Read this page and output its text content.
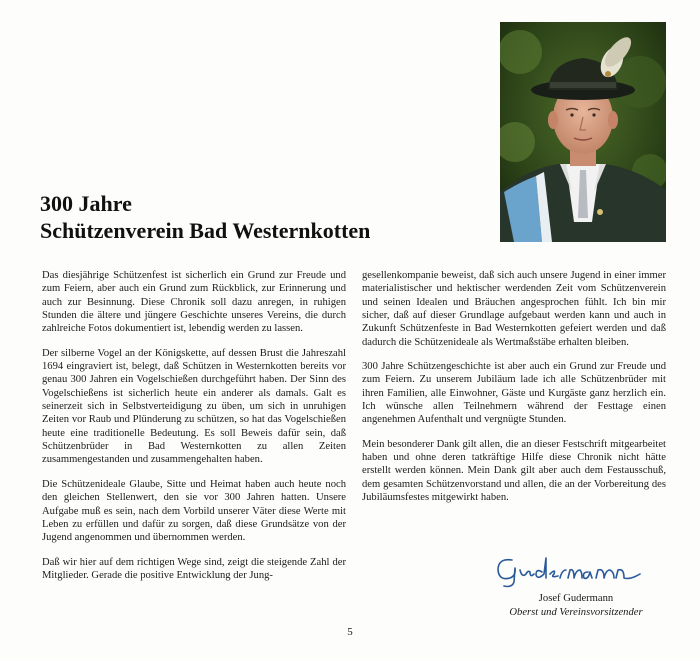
300 Jahre
Schützenverein Bad Westernkotten

Das diesjährige Schützenfest ist sicherlich ein Grund zur Freude und zum Feiern, aber auch ein Grund zum Rückblick, zur Erinnerung und auch zur Besinnung. Diese Chronik soll dazu anregen, in ruhigen Stunden die ältere und jüngere Geschichte unseres Vereins, die durch zahlreiche Fotos dokumentiert ist, lebendig werden zu lassen.

Der silberne Vogel an der Königskette, auf dessen Brust die Jahreszahl 1694 eingraviert ist, belegt, daß Schützen in Westernkotten bereits vor genau 300 Jahren ein Vogelschießen durchgeführt haben. Der Sinn des Vogelschießens ist sicherlich heute ein anderer als damals. Galt es seinerzeit sich in Selbstverteidigung zu üben, um sich in unruhigen Zeiten vor Raub und Plünderung zu schützen, so hat das Vogelschießen heute eine traditionelle Bedeutung. Es soll Beweis dafür sein, daß Schützenbrüder in Bad Westernkotten zu allen Zeiten zusammengestanden und zusammengehalten haben.

Die Schützenideale Glaube, Sitte und Heimat haben auch heute noch den gleichen Stellenwert, den sie vor 300 Jahren hatten. Unsere Aufgabe muß es sein, nach dem Vorbild unserer Väter diese Werte mit Leben zu erfüllen und dafür zu sorgen, daß diese Grundsätze von der Jugend angenommen und übernommen werden.

Daß wir hier auf dem richtigen Wege sind, zeigt die steigende Zahl der Mitglieder. Gerade die positive Entwicklung der Jung-

gesellenkompanie beweist, daß sich auch unsere Jugend in einer immer materialistischer und hektischer werdenden Zeit vom Schützenverein und seinen Idealen und Bräuchen angesprochen fühlt. Ich bin mir sicher, daß auf dieser Grundlage aufgebaut werden kann und auch in Zukunft Schützenfeste in Bad Westernkotten gefeiert werden und daß dadurch die Schützenideale als Wertmaßstäbe erhalten bleiben.

300 Jahre Schützengeschichte ist aber auch ein Grund zur Freude und zum Feiern. Zu unserem Jubiläum lade ich alle Schützenbrüder mit ihren Familien, alle Einwohner, Gäste und Kurgäste ganz herzlich ein. Ich wünsche allen Teilnehmern während der Festtage einen angenehmen Aufenthalt und vergnügte Stunden.

Mein besonderer Dank gilt allen, die an dieser Festschrift mitgearbeitet haben und ohne deren tatkräftige Hilfe diese Chronik nicht hätte erstellt werden können. Mein Dank gilt aber auch dem Festausschuß, dem gesamten Schützenvorstand und allen, die an der Vorbereitung des Jubiläumsfestes mitgewirkt haben.

Josef Gudermann
Oberst und Vereinsvorsitzender
5
